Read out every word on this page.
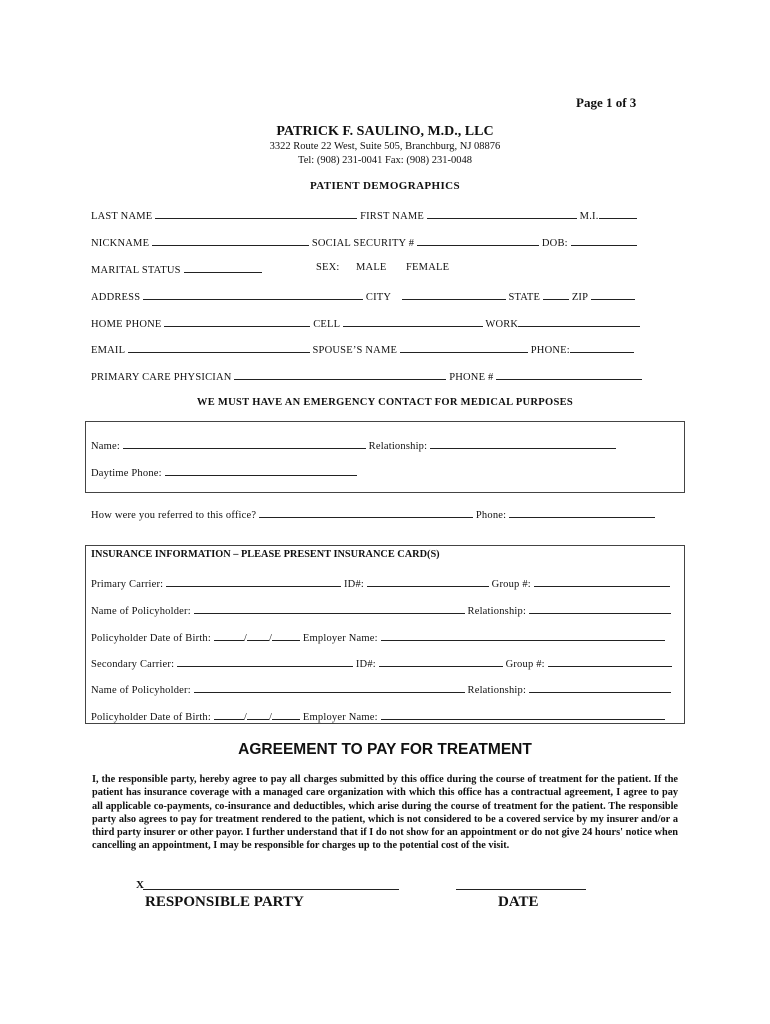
Page 1 of 3
PATRICK F. SAULINO, M.D., LLC
3322 Route 22 West, Suite 505, Branchburg, NJ 08876
Tel: (908) 231-0041 Fax: (908) 231-0048
PATIENT DEMOGRAPHICS
LAST NAME	FIRST NAME	M.I.
NICKNAME	SOCIAL SECURITY #	DOB:
MARITAL STATUS	SEX: MALE FEMALE
ADDRESS	CITY	STATE	ZIP
HOME PHONE	CELL	WORK
EMAIL	SPOUSE’S NAME	PHONE:
PRIMARY CARE PHYSICIAN	PHONE #
WE MUST HAVE AN EMERGENCY CONTACT FOR MEDICAL PURPOSES
Name:	Relationship:
Daytime Phone:
How were you referred to this office?	Phone:
INSURANCE INFORMATION – PLEASE PRESENT INSURANCE CARD(S)
Primary Carrier:	ID#:	Group #:
Name of Policyholder:	Relationship:
Policyholder Date of Birth:	/ /	Employer Name:
Secondary Carrier:	ID#:	Group #:
Name of Policyholder:	Relationship:
Policyholder Date of Birth:	/ /	Employer Name:
AGREEMENT TO PAY FOR TREATMENT
I, the responsible party, hereby agree to pay all charges submitted by this office during the course of treatment for the patient. If the patient has insurance coverage with a managed care organization with which this office has a contractual agreement, I agree to pay all applicable co-payments, co-insurance and deductibles, which arise during the course of treatment for the patient. The responsible party also agrees to pay for treatment rendered to the patient, which is not considered to be a covered service by my insurer and/or a third party insurer or other payor. I further understand that if I do not show for an appointment or do not give 24 hours' notice when cancelling an appointment, I may be responsible for charges up to the potential cost of the visit.
X
RESPONSIBLE PARTY	DATE
